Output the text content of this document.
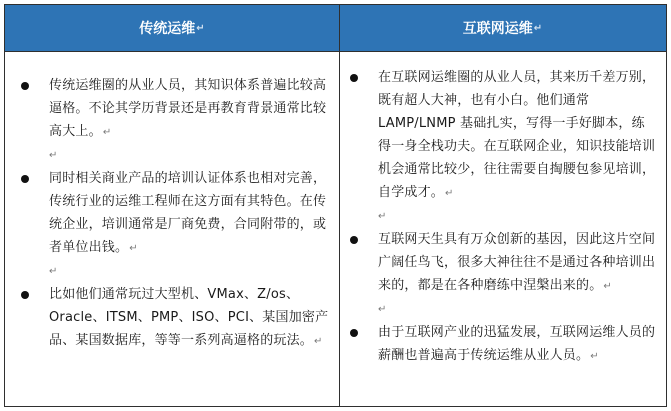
传统运维 ↵	互联网运维 ↵
传统运维圈的从业人员，其知识体系普遍比较高逼格。不论其学历背景还是再教育背景通常比较高大上。↵
↵
同时相关商业产品的培训认证体系也相对完善，传统行业的运维工程师在这方面有其特色。在传统企业，培训通常是厂商免费，合同附带的，或者单位出钱。↵
↵
比如他们通常玩过大型机、VMax、Z/os、Oracle、ITSM、PMP、ISO、PCI、某国加密产品、某国数据库，等等一系列高逼格的玩法。↵
在互联网运维圈的从业人员，其来历千差万别，既有超人大神，也有小白。他们通常LAMP/LNMP 基础扎实，写得一手好脚本，练得一身全栈功夫。在互联网企业，知识技能培训机会通常比较少，往往需要自掏腰包参见培训，自学成才。↵
↵
互联网天生具有万众创新的基因，因此这片空间广阔任鸟飞，很多大神往往不是通过各种培训出来的，都是在各种磨练中涅槃出来的。↵
↵
由于互联网产业的迅猛发展，互联网运维人员的薪酬也普遍高于传统运维从业人员。↵
